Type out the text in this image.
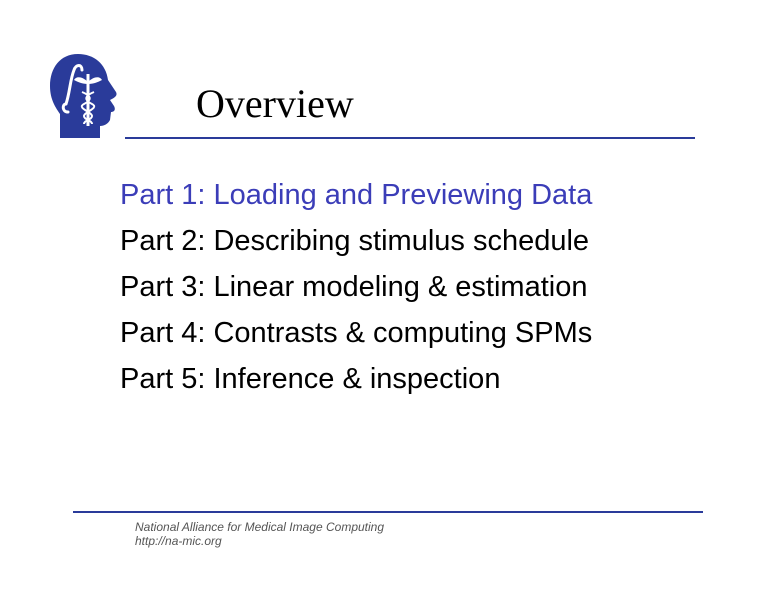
Overview
Part 1: Loading and Previewing Data
Part 2: Describing stimulus schedule
Part 3: Linear modeling & estimation
Part 4: Contrasts & computing SPMs
Part 5: Inference & inspection
National Alliance for Medical Image Computing
http://na-mic.org
